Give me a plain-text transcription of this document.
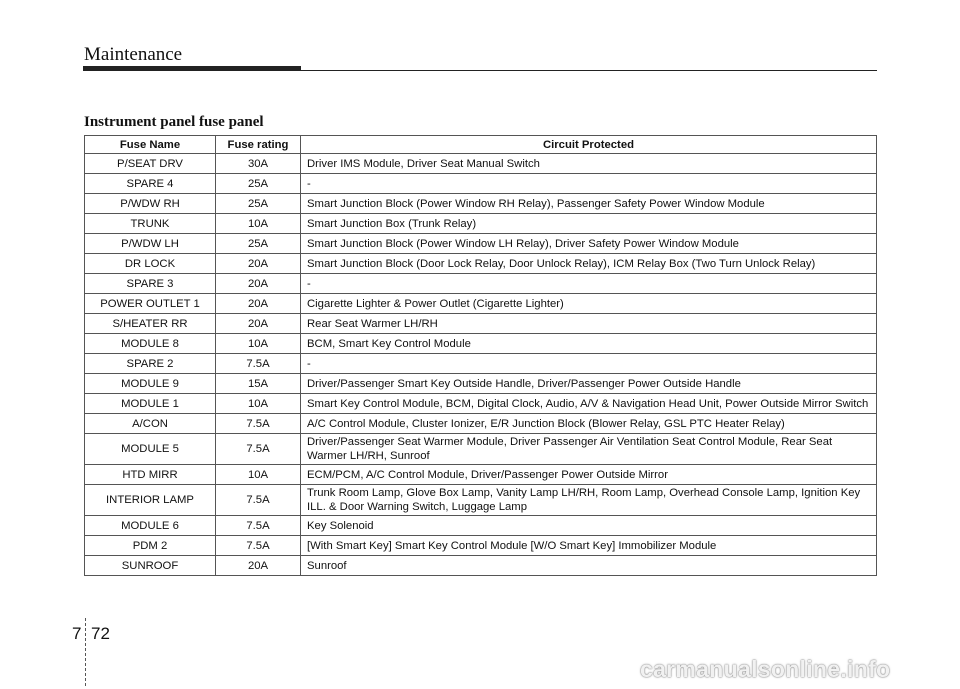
Maintenance
Instrument panel fuse panel
Fuse Name	Fuse rating	Circuit Protected
P/SEAT DRV	30A	Driver IMS Module, Driver Seat Manual Switch
SPARE 4	25A	-
P/WDW RH	25A	Smart Junction Block (Power Window RH Relay), Passenger Safety Power Window Module
TRUNK	10A	Smart Junction Box (Trunk Relay)
P/WDW LH	25A	Smart Junction Block (Power Window LH Relay), Driver Safety Power Window Module
DR LOCK	20A	Smart Junction Block (Door Lock Relay, Door Unlock Relay), ICM Relay Box (Two Turn Unlock Relay)
SPARE 3	20A	-
POWER OUTLET 1	20A	Cigarette Lighter & Power Outlet (Cigarette Lighter)
S/HEATER RR	20A	Rear Seat Warmer LH/RH
MODULE 8	10A	BCM, Smart Key Control Module
SPARE 2	7.5A	-
MODULE 9	15A	Driver/Passenger Smart Key Outside Handle, Driver/Passenger Power Outside Handle
MODULE 1	10A	Smart Key Control Module, BCM, Digital Clock, Audio, A/V & Navigation Head Unit, Power Outside Mirror Switch
A/CON	7.5A	A/C Control Module, Cluster Ionizer, E/R Junction Block (Blower Relay, GSL PTC Heater Relay)
MODULE 5	7.5A	Driver/Passenger Seat Warmer Module, Driver Passenger Air Ventilation Seat Control Module, Rear Seat Warmer LH/RH, Sunroof
HTD MIRR	10A	ECM/PCM, A/C Control Module, Driver/Passenger Power Outside Mirror
INTERIOR LAMP	7.5A	Trunk Room Lamp, Glove Box Lamp, Vanity Lamp LH/RH, Room Lamp, Overhead Console Lamp, Ignition Key ILL. & Door Warning Switch, Luggage Lamp
MODULE 6	7.5A	Key Solenoid
PDM 2	7.5A	[With Smart Key] Smart Key Control Module [W/O Smart Key] Immobilizer Module
SUNROOF	20A	Sunroof
7 72
carmanualsonline.info
